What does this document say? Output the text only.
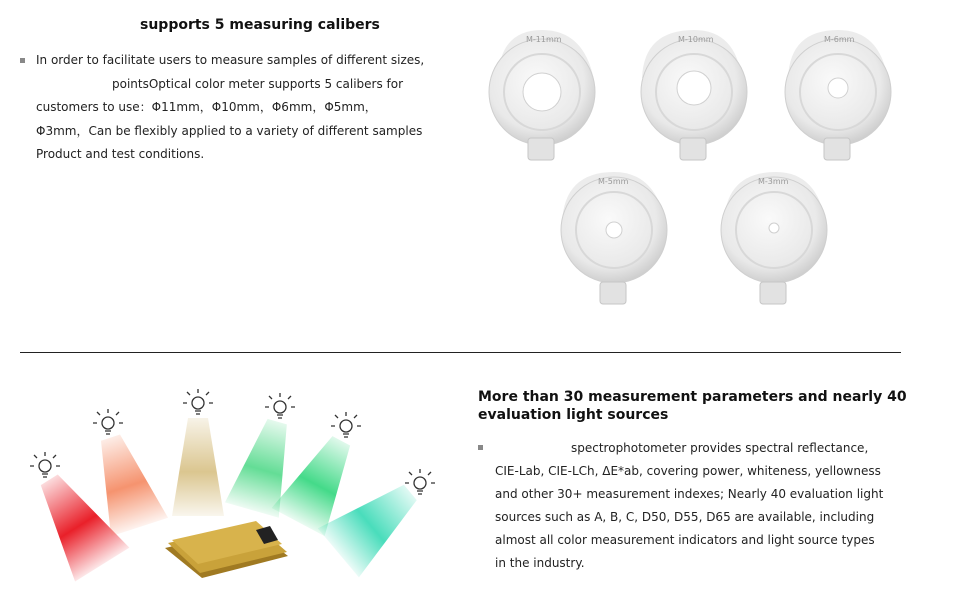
supports 5 measuring calibers
In order to facilitate users to measure samples of different sizes,
pointsOptical color meter supports 5 calibers for
customers to use：Φ11mm，Φ10mm，Φ6mm，Φ5mm，
Φ3mm，Can be flexibly applied to a variety of different samples
Product and test conditions.
M-11mm	M-10mm	M-6mm
M-5mm	M-3mm
More than 30 measurement parameters and nearly 40 evaluation light sources
spectrophotometer provides spectral reflectance,
CIE-Lab, CIE-LCh, ΔE*ab, covering power, whiteness, yellowness
and other 30+ measurement indexes; Nearly 40 evaluation light
sources such as A, B, C, D50, D55, D65 are available, including
almost all color measurement indicators and light source types
in the industry.
